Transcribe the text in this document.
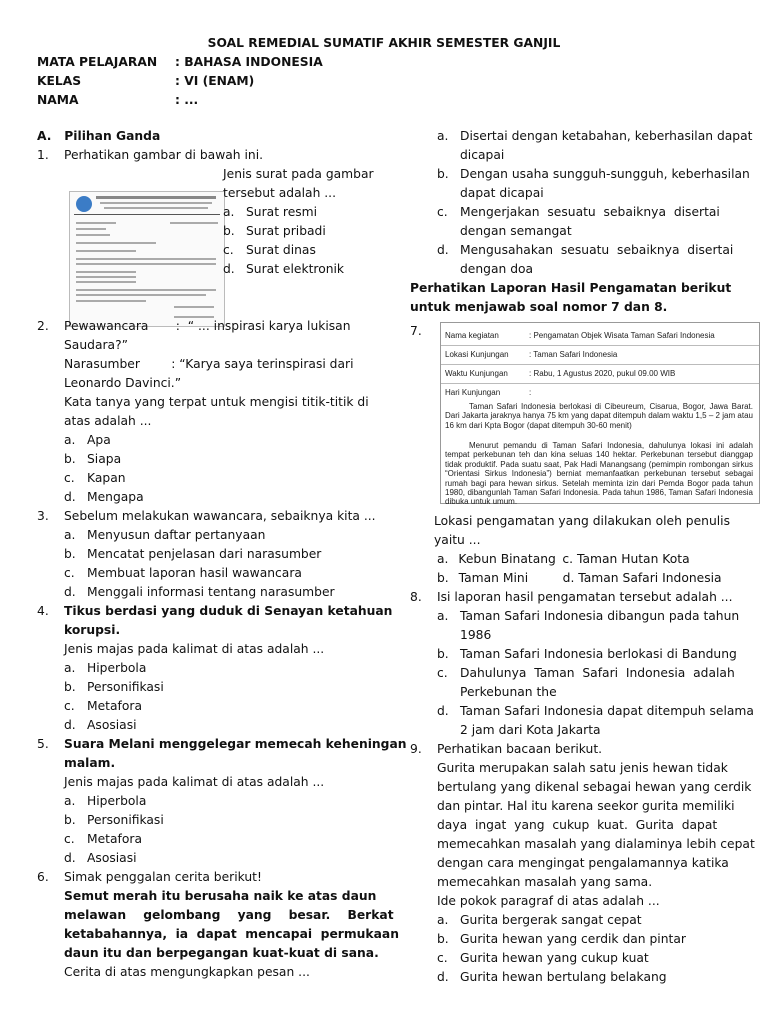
SOAL REMEDIAL SUMATIF AKHIR SEMESTER GANJIL
MATA PELAJARAN : BAHASA INDONESIA
KELAS	: VI (ENAM)
NAMA	: ...
A.   Pilihan Ganda
1. Perhatikan gambar di bawah ini.
Jenis surat pada gambar
tersebut adalah ...
a. Surat resmi
b. Surat pribadi
c. Surat dinas
d. Surat elektronik
2. Pewawancara       :  “ ... inspirasi karya lukisan
Saudara?”
Narasumber        : “Karya saya terinspirasi dari
Leonardo Davinci.”
Kata tanya yang terpat untuk mengisi titik-titik di
atas adalah ...
a. Apa
b. Siapa
c. Kapan
d. Mengapa
3. Sebelum melakukan wawancara, sebaiknya kita ...
a. Menyusun daftar pertanyaan
b. Mencatat penjelasan dari narasumber
c. Membuat laporan hasil wawancara
d. Menggali informasi tentang narasumber
4. Tikus berdasi yang duduk di Senayan ketahuan
korupsi.
Jenis majas pada kalimat di atas adalah ...
a. Hiperbola
b. Personifikasi
c. Metafora
d. Asosiasi
5. Suara Melani menggelegar memecah keheningan
malam.
Jenis majas pada kalimat di atas adalah ...
a. Hiperbola
b. Personifikasi
c. Metafora
d. Asosiasi
6. Simak penggalan cerita berikut!
Semut merah itu berusaha naik ke atas daun
melawan    gelombang    yang    besar.    Berkat
ketabahannya,  ia  dapat  mencapai  permukaan
daun itu dan berpegangan kuat-kuat di sana.
Cerita di atas mengungkapkan pesan ...
a. Disertai dengan ketabahan, keberhasilan dapat
dicapai
b. Dengan usaha sungguh-sungguh, keberhasilan
dapat dicapai
c. Mengerjakan  sesuatu  sebaiknya  disertai
dengan semangat
d. Mengusahakan  sesuatu  sebaiknya  disertai
dengan doa
Perhatikan Laporan Hasil Pengamatan berikut
untuk menjawab soal nomor 7 dan 8.
7.	Nama kegiatan	: Pengamatan Objek Wisata Taman Safari Indonesia
Lokasi Kunjungan	: Taman Safari Indonesia
Waktu Kunjungan	: Rabu, 1 Agustus 2020, pukul 09.00 WIB
Hari Kunjungan	:
Taman Safari Indonesia berlokasi di Cibeureum, Cisarua, Bogor, Jawa Barat. Dari Jakarta jaraknya hanya 75 km yang dapat ditempuh dalam waktu 1,5 – 2 jam atau 16 km dari Kpta Bogor (dapat ditempuh 30-60 menit)
Menurut pemandu di Taman Safari Indonesia, dahulunya lokasi ini adalah tempat perkebunan teh dan kina seluas 140 hektar. Perkebunan tersebut dianggap tidak produktif. Pada suatu saat, Pak Hadi Manangsang (pemimpin rombongan sirkus “Orientasi Sirkus Indonesia”) berniat memanfaatkan perkebunan tersebut sebagai rumah bagi para hewan sirkus. Setelah meminta izin dari Pemda Bogor pada tahun 1980, dibangunlah Taman Safari Indonesia. Pada tahun 1986, Taman Safari Indonesia dibuka untuk umum.
Lokasi pengamatan yang dilakukan oleh penulis
yaitu ...
a. Kebun Binatang c. Taman Hutan Kota
b. Taman Mini	d. Taman Safari Indonesia
8. Isi laporan hasil pengamatan tersebut adalah ...
a. Taman Safari Indonesia dibangun pada tahun
1986
b. Taman Safari Indonesia berlokasi di Bandung
c. Dahulunya  Taman  Safari  Indonesia  adalah
Perkebunan the
d. Taman Safari Indonesia dapat ditempuh selama
2 jam dari Kota Jakarta
9. Perhatikan bacaan berikut.
Gurita merupakan salah satu jenis hewan tidak
bertulang yang dikenal sebagai hewan yang cerdik
dan pintar. Hal itu karena seekor gurita memiliki
daya  ingat  yang  cukup  kuat.  Gurita  dapat
memecahkan masalah yang dialaminya lebih cepat
dengan cara mengingat pengalamannya katika
memecahkan masalah yang sama.
Ide pokok paragraf di atas adalah ...
a. Gurita bergerak sangat cepat
b. Gurita hewan yang cerdik dan pintar
c. Gurita hewan yang cukup kuat
d. Gurita hewan bertulang belakang
